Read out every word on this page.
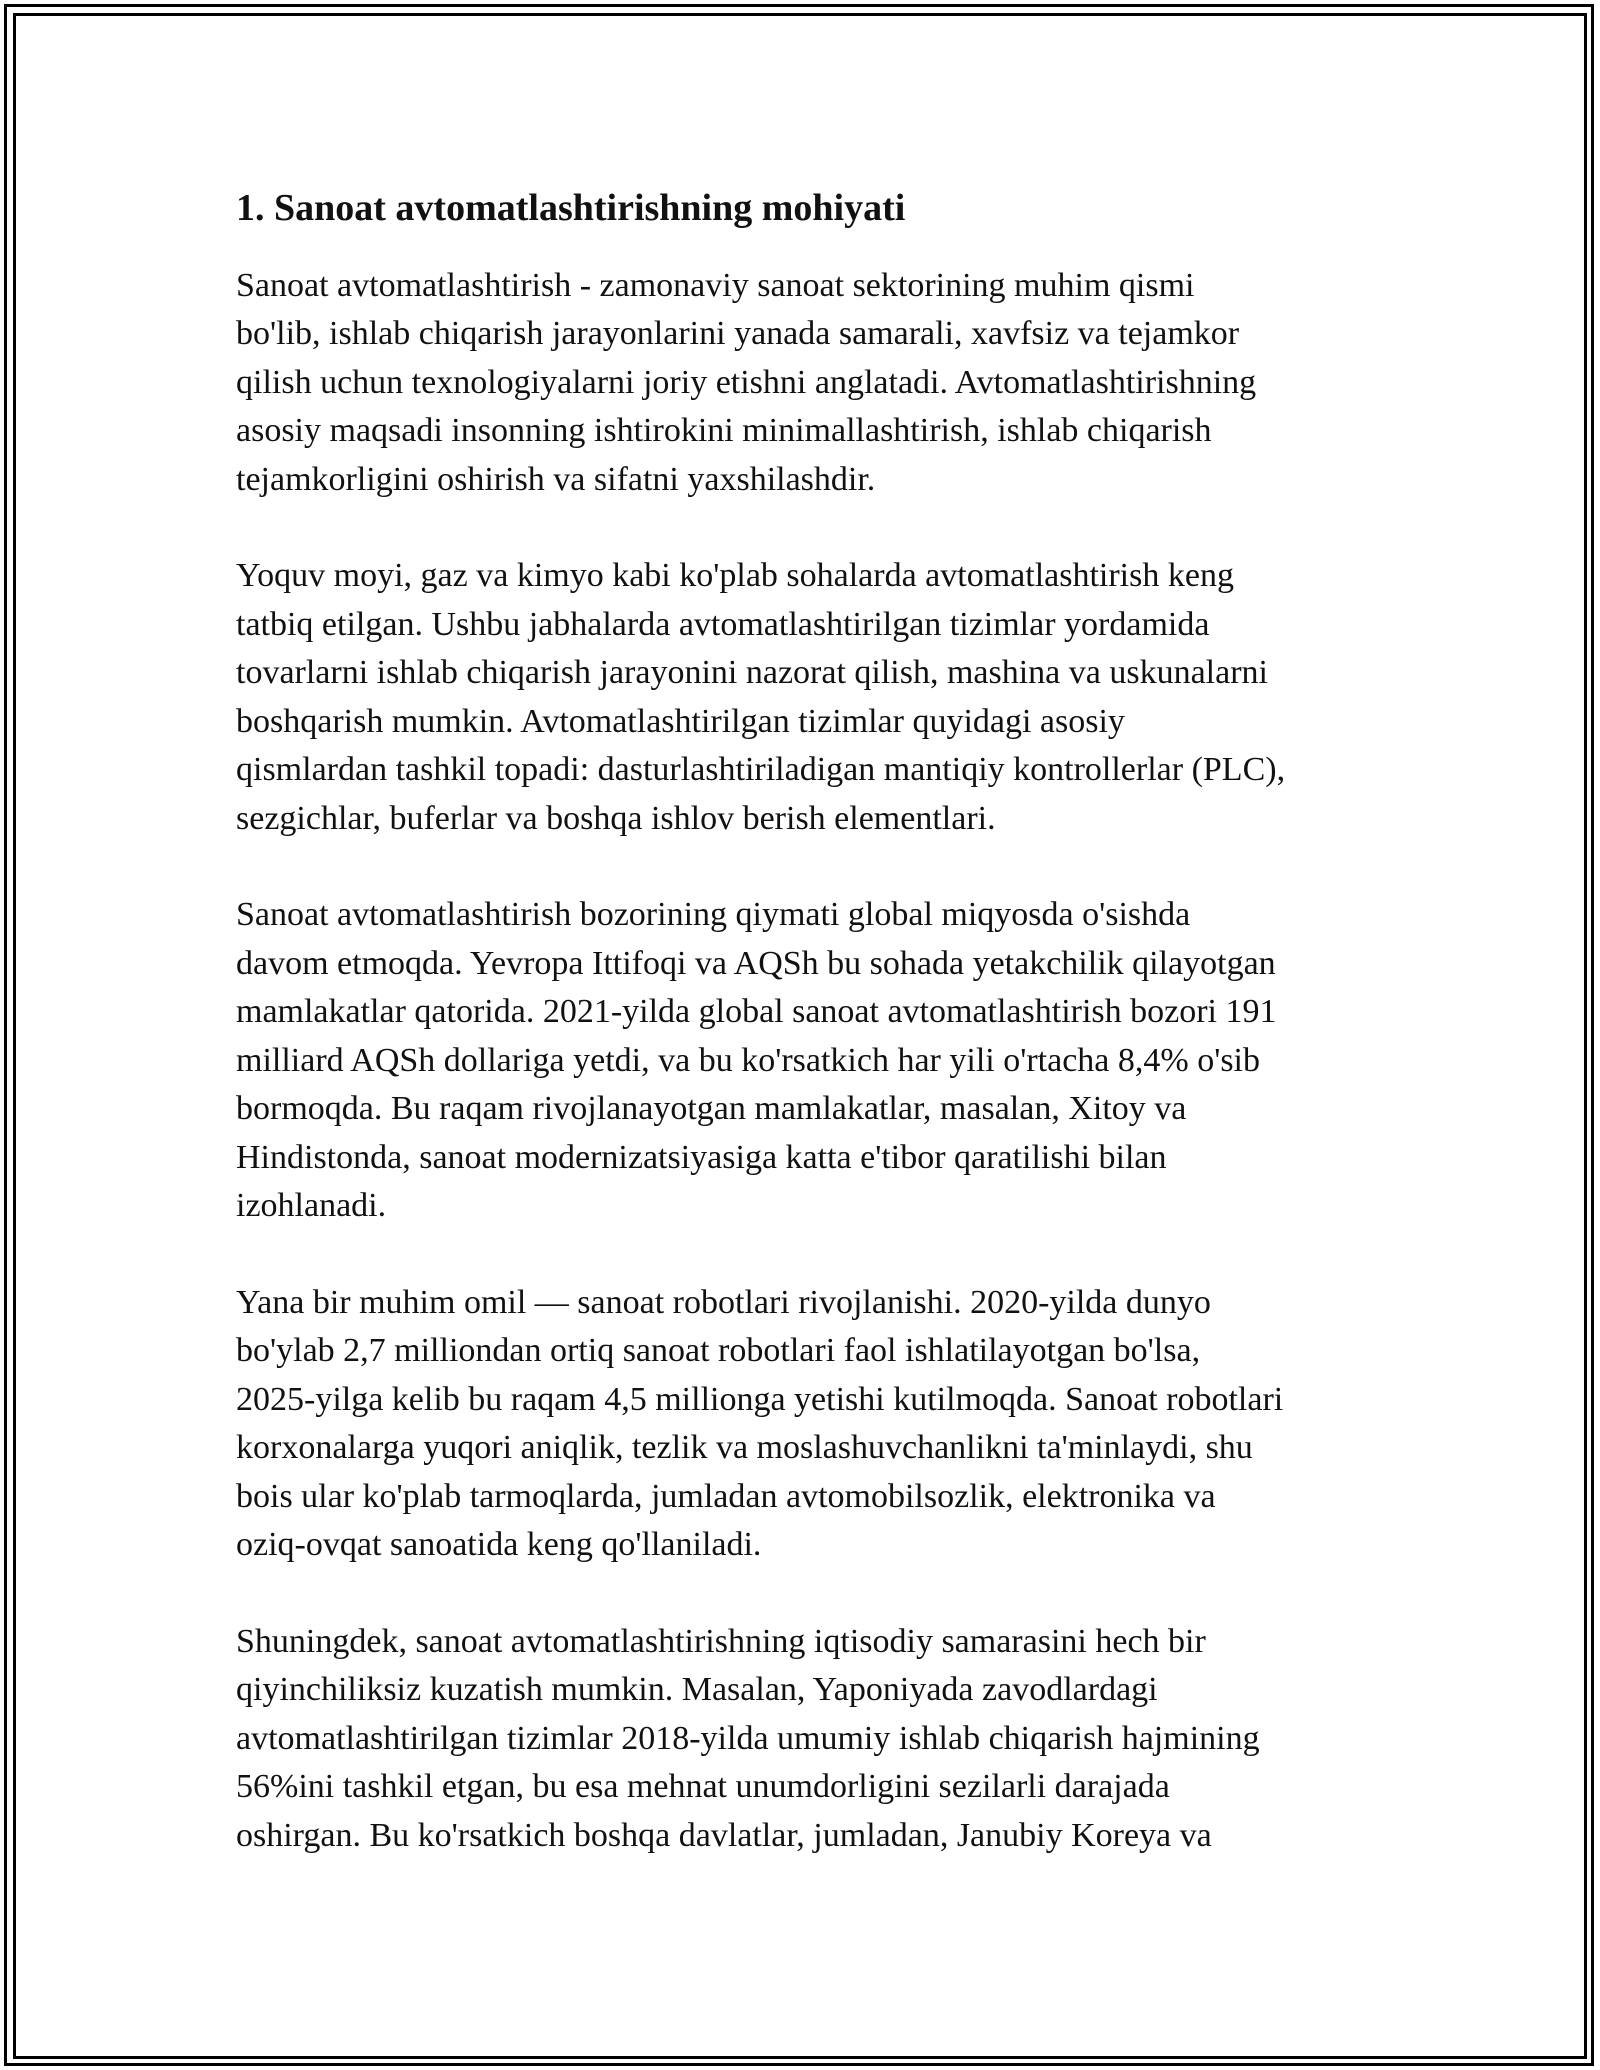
1. Sanoat avtomatlashtirishning mohiyati

Sanoat avtomatlashtirish - zamonaviy sanoat sektorining muhim qismi
bo'lib, ishlab chiqarish jarayonlarini yanada samarali, xavfsiz va tejamkor
qilish uchun texnologiyalarni joriy etishni anglatadi. Avtomatlashtirishning
asosiy maqsadi insonning ishtirokini minimallashtirish, ishlab chiqarish
tejamkorligini oshirish va sifatni yaxshilashdir.

Yoquv moyi, gaz va kimyo kabi ko'plab sohalarda avtomatlashtirish keng
tatbiq etilgan. Ushbu jabhalarda avtomatlashtirilgan tizimlar yordamida
tovarlarni ishlab chiqarish jarayonini nazorat qilish, mashina va uskunalarni
boshqarish mumkin. Avtomatlashtirilgan tizimlar quyidagi asosiy
qismlardan tashkil topadi: dasturlashtiriladigan mantiqiy kontrollerlar (PLC),
sezgichlar, buferlar va boshqa ishlov berish elementlari.

Sanoat avtomatlashtirish bozorining qiymati global miqyosda o'sishda
davom etmoqda. Yevropa Ittifoqi va AQSh bu sohada yetakchilik qilayotgan
mamlakatlar qatorida. 2021-yilda global sanoat avtomatlashtirish bozori 191
milliard AQSh dollariga yetdi, va bu ko'rsatkich har yili o'rtacha 8,4% o'sib
bormoqda. Bu raqam rivojlanayotgan mamlakatlar, masalan, Xitoy va
Hindistonda, sanoat modernizatsiyasiga katta e'tibor qaratilishi bilan
izohlanadi.

Yana bir muhim omil — sanoat robotlari rivojlanishi. 2020-yilda dunyo
bo'ylab 2,7 milliondan ortiq sanoat robotlari faol ishlatilayotgan bo'lsa,
2025-yilga kelib bu raqam 4,5 millionga yetishi kutilmoqda. Sanoat robotlari
korxonalarga yuqori aniqlik, tezlik va moslashuvchanlikni ta'minlaydi, shu
bois ular ko'plab tarmoqlarda, jumladan avtomobilsozlik, elektronika va
oziq-ovqat sanoatida keng qo'llaniladi.

Shuningdek, sanoat avtomatlashtirishning iqtisodiy samarasini hech bir
qiyinchiliksiz kuzatish mumkin. Masalan, Yaponiyada zavodlardagi
avtomatlashtirilgan tizimlar 2018-yilda umumiy ishlab chiqarish hajmining
56%ini tashkil etgan, bu esa mehnat unumdorligini sezilarli darajada
oshirgan. Bu ko'rsatkich boshqa davlatlar, jumladan, Janubiy Koreya va
